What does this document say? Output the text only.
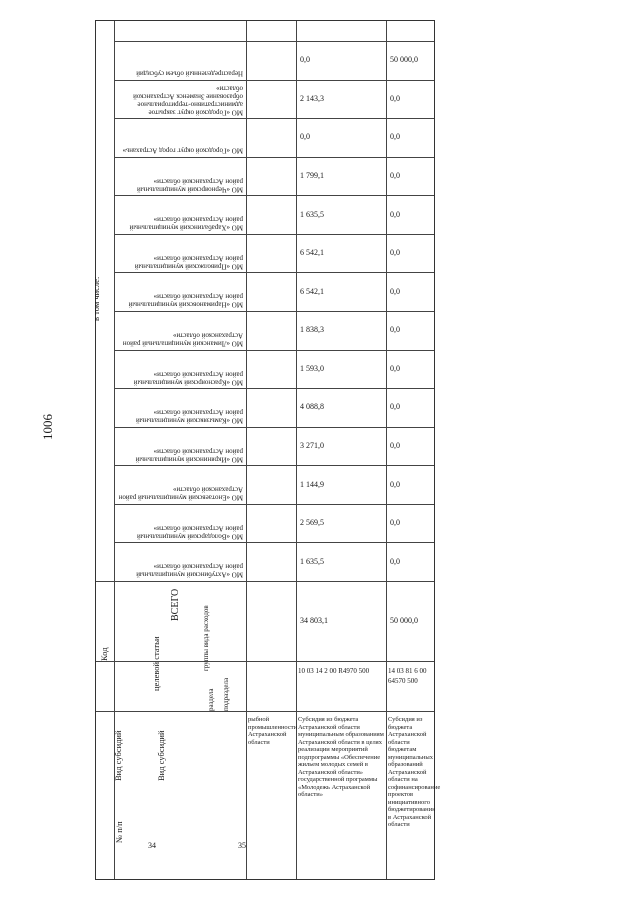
1006
№ п/п
Вид субсидий	Вид субсидий
Код
раздела подраздела
целевой статьи	группы вида расходов
ВСЕГО
в том числе:
МО «Ахтубинский муниципальный район Астраханской области»
МО «Володарский муниципальный район Астраханской области»
МО «Енотаевский муниципальный район Астраханской области»
МО «Икрянинский муниципальный район Астраханской области»
МО «Камызякский муниципальный район Астраханской области»
МО «Красноярский муниципальный район Астраханской области»
МО «Лиманский муниципальный район Астраханской области»
МО «Наримановский муниципальный район Астраханской области»
МО «Приволжский муниципальный район Астраханской области»
МО «Харабалинский муниципальный район Астраханской области»
МО «Черноярский муниципальный район Астраханской области»
МО «Городской округ город Астрахань»
МО «Городской округ закрытое административно-территориальное образование Знаменск Астраханской области»
Нераспределенный объем субсидий
рыбной промышленности Астраханской области
Субсидия из бюджета Астраханской области муниципальным образованиям Астраханской области в целях реализации мероприятий подпрограммы «Обеспечение жильем молодых семей в Астраханской области» государственной программы «Молодежь Астраханской области»
34
10 03 14 2 00 R4970 500
34 803,1
1 635,5
2 569,5
1 144,9
3 271,0
4 088,8
1 593,0
1 838,3
6 542,1
6 542,1
1 635,5
1 799,1
0,0
2 143,3
0,0
Субсидия из бюджета Астраханской области бюджетам муниципальных образований Астраханской области на софинансирование проектов инициативного бюджетирования в Астраханской области
35
14 03 81 6 00 64570 500
50 000,0
0,0
0,0
0,0
0,0
0,0
0,0
0,0
0,0
0,0
0,0
0,0
0,0
0,0
50 000,0
